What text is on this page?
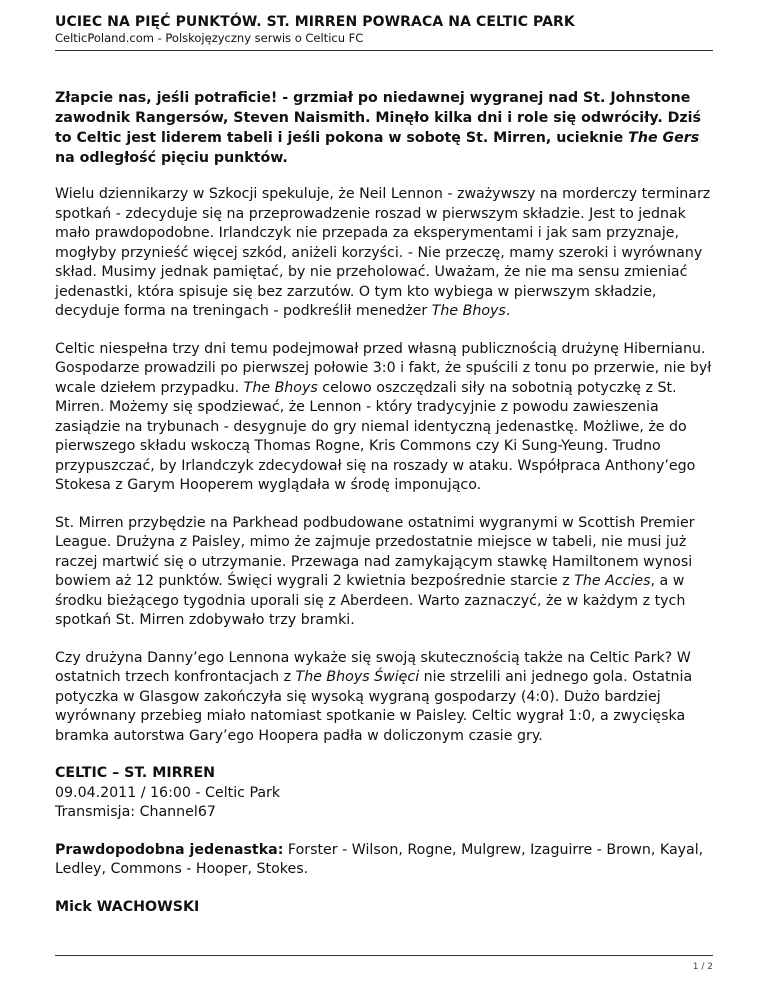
UCIEC NA PIĘĆ PUNKTÓW. ST. MIRREN POWRACA NA CELTIC PARK
CelticPoland.com - Polskojęzyczny serwis o Celticu FC

Złapcie nas, jeśli potraficie! - grzmiał po niedawnej wygranej nad St. Johnstone zawodnik Rangersów, Steven Naismith. Minęło kilka dni i role się odwróciły. Dziś to Celtic jest liderem tabeli i jeśli pokona w sobotę St. Mirren, ucieknie The Gers na odległość pięciu punktów.

Wielu dziennikarzy w Szkocji spekuluje, że Neil Lennon - zważywszy na morderczy terminarz spotkań - zdecyduje się na przeprowadzenie roszad w pierwszym składzie. Jest to jednak mało prawdopodobne. Irlandczyk nie przepada za eksperymentami i jak sam przyznaje, mogłyby przynieść więcej szkód, aniżeli korzyści. - Nie przeczę, mamy szeroki i wyrównany skład. Musimy jednak pamiętać, by nie przeholować. Uważam, że nie ma sensu zmieniać jedenastki, która spisuje się bez zarzutów. O tym kto wybiega w pierwszym składzie, decyduje forma na treningach - podkreślił menedżer The Bhoys.

Celtic niespełna trzy dni temu podejmował przed własną publicznością drużynę Hibernianu. Gospodarze prowadzili po pierwszej połowie 3:0 i fakt, że spuścili z tonu po przerwie, nie był wcale dziełem przypadku. The Bhoys celowo oszczędzali siły na sobotnią potyczkę z St. Mirren. Możemy się spodziewać, że Lennon - który tradycyjnie z powodu zawieszenia zasiądzie na trybunach - desygnuje do gry niemal identyczną jedenastkę. Możliwe, że do pierwszego składu wskoczą Thomas Rogne, Kris Commons czy Ki Sung-Yeung. Trudno przypuszczać, by Irlandczyk zdecydował się na roszady w ataku. Współpraca Anthony’ego Stokesa z Garym Hooperem wyglądała w środę imponująco.

St. Mirren przybędzie na Parkhead podbudowane ostatnimi wygranymi w Scottish Premier League. Drużyna z Paisley, mimo że zajmuje przedostatnie miejsce w tabeli, nie musi już raczej martwić się o utrzymanie. Przewaga nad zamykającym stawkę Hamiltonem wynosi bowiem aż 12 punktów. Święci wygrali 2 kwietnia bezpośrednie starcie z The Accies, a w środku bieżącego tygodnia uporali się z Aberdeen. Warto zaznaczyć, że w każdym z tych spotkań St. Mirren zdobywało trzy bramki.

Czy drużyna Danny’ego Lennona wykaże się swoją skutecznością także na Celtic Park? W ostatnich trzech konfrontacjach z The Bhoys Święci nie strzelili ani jednego gola. Ostatnia potyczka w Glasgow zakończyła się wysoką wygraną gospodarzy (4:0). Dużo bardziej wyrównany przebieg miało natomiast spotkanie w Paisley. Celtic wygrał 1:0, a zwycięska bramka autorstwa Gary’ego Hoopera padła w doliczonym czasie gry.

CELTIC – ST. MIRREN
09.04.2011 / 16:00 - Celtic Park
Transmisja: Channel67

Prawdopodobna jedenastka: Forster - Wilson, Rogne, Mulgrew, Izaguirre - Brown, Kayal, Ledley, Commons - Hooper, Stokes.

Mick WACHOWSKI

1 / 2
